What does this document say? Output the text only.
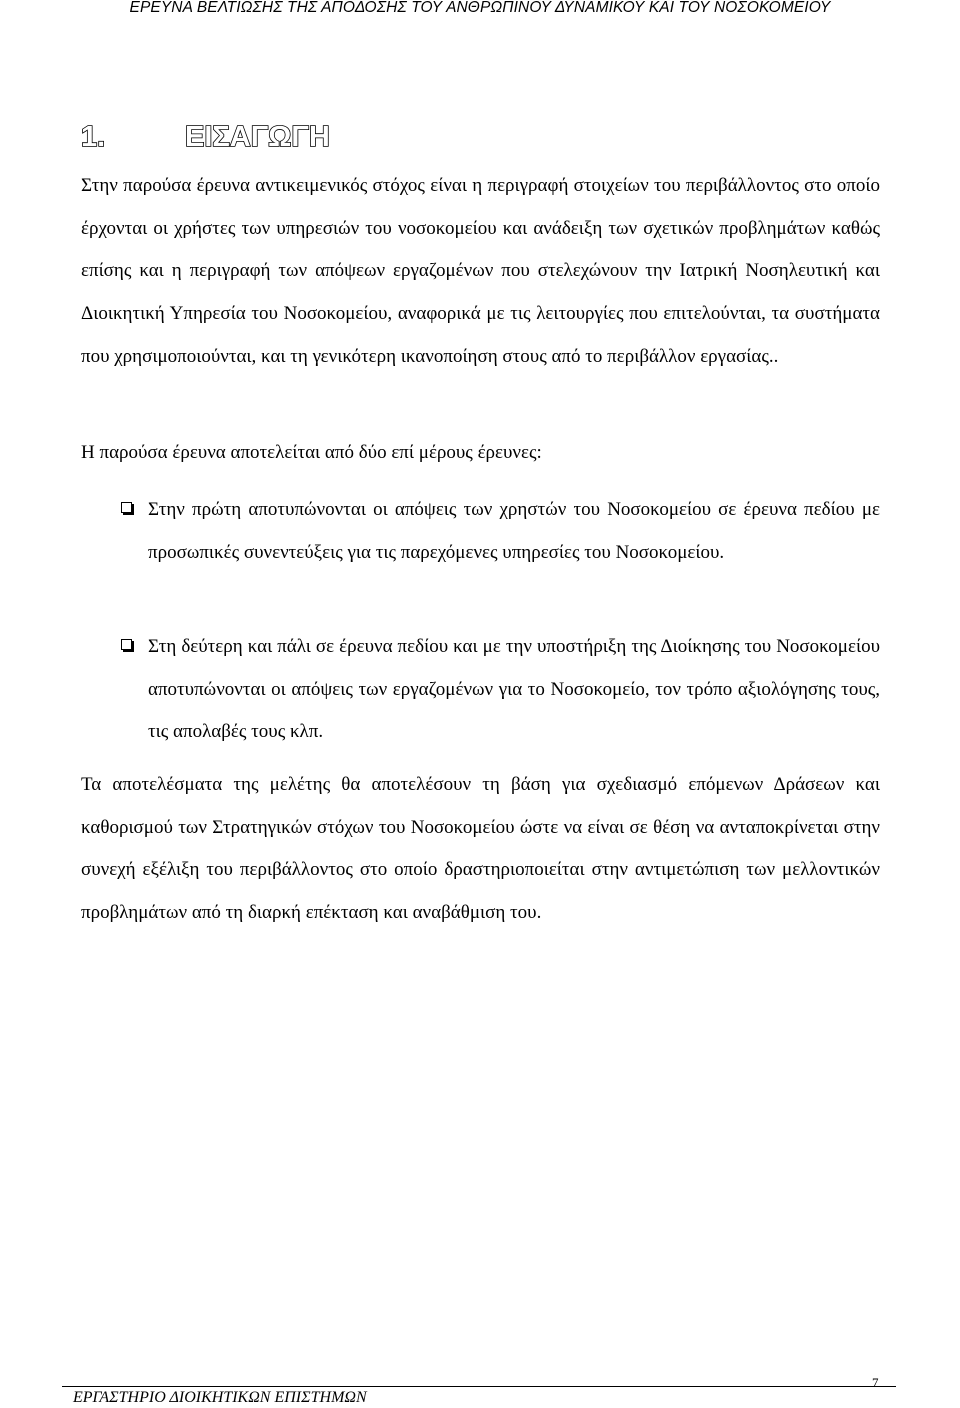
ΕΡΕΥΝΑ ΒΕΛΤΙΩΣΗΣ ΤΗΣ ΑΠΟΔΟΣΗΣ ΤΟΥ ΑΝΘΡΩΠΙΝΟΥ ΔΥΝΑΜΙΚΟΥ ΚΑΙ ΤΟΥ ΝΟΣΟΚΟΜΕΙΟΥ
1.	ΕΙΣΑΓΩΓΗ

Στην παρούσα έρευνα αντικειμενικός στόχος είναι η περιγραφή στοιχείων του περιβάλλοντος στο οποίο έρχονται οι χρήστες των υπηρεσιών του νοσοκομείου και ανάδειξη των σχετικών προβλημάτων καθώς επίσης και η περιγραφή των απόψεων εργαζομένων που στελεχώνουν την Ιατρική Νοσηλευτική και Διοικητική Υπηρεσία του Νοσοκομείου, αναφορικά με τις λειτουργίες που επιτελούνται, τα συστήματα που χρησιμοποιούνται, και τη γενικότερη ικανοποίηση στους από το περιβάλλον εργασίας..

Η παρούσα έρευνα αποτελείται από δύο επί μέρους έρευνες:

Στην πρώτη αποτυπώνονται οι απόψεις των χρηστών του Νοσοκομείου σε έρευνα πεδίου με προσωπικές συνεντεύξεις για τις παρεχόμενες υπηρεσίες του Νοσοκομείου.

Στη δεύτερη και πάλι σε έρευνα πεδίου και με την υποστήριξη της Διοίκησης του Νοσοκομείου αποτυπώνονται οι απόψεις των εργαζομένων για το Νοσοκομείο, τον τρόπο αξιολόγησης τους, τις απολαβές τους κλπ.

Τα αποτελέσματα της μελέτης θα αποτελέσουν τη βάση για σχεδιασμό επόμενων Δράσεων και καθορισμού των Στρατηγικών στόχων του Νοσοκομείου ώστε να είναι σε θέση να ανταποκρίνεται στην συνεχή εξέλιξη του περιβάλλοντος στο οποίο δραστηριοποιείται στην αντιμετώπιση των μελλοντικών προβλημάτων από τη διαρκή επέκταση και αναβάθμιση του.

ΕΡΓΑΣΤΗΡΙΟ ΔΙΟΙΚΗΤΙΚΩΝ ΕΠΙΣΤΗΜΩΝ
7
